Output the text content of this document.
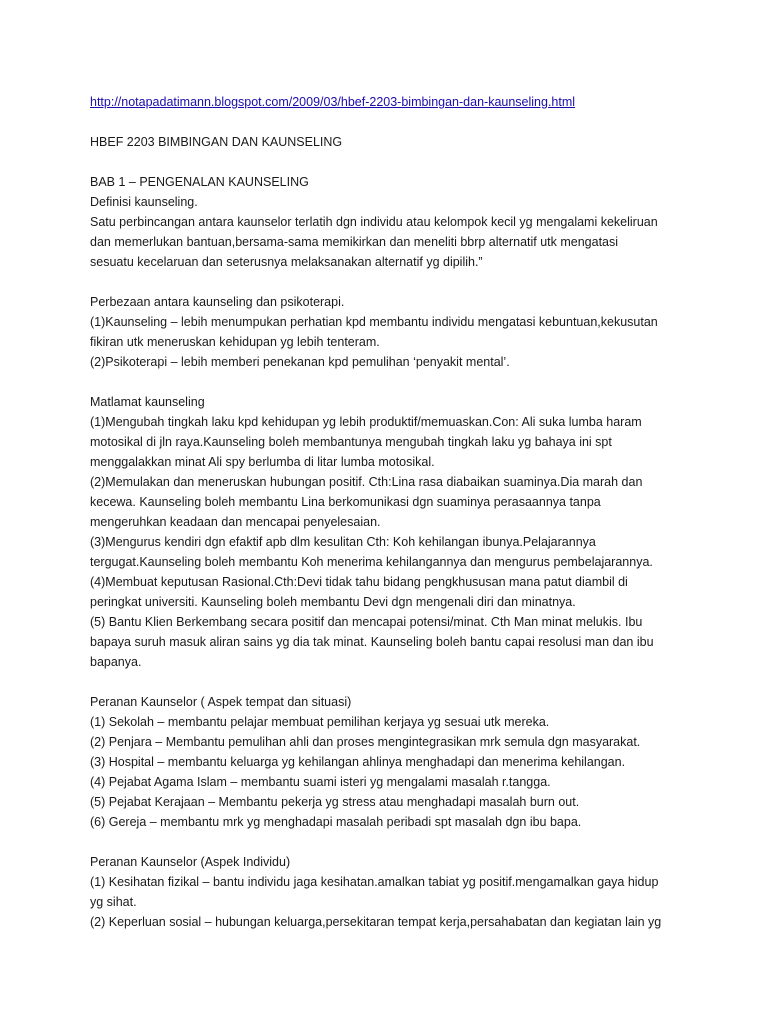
http://notapadatimann.blogspot.com/2009/03/hbef-2203-bimbingan-dan-kaunseling.html
HBEF 2203 BIMBINGAN DAN KAUNSELING
BAB 1 – PENGENALAN KAUNSELING
Definisi kaunseling.
Satu perbincangan antara kaunselor terlatih dgn individu atau kelompok kecil yg mengalami kekeliruan
dan memerlukan bantuan,bersama-sama memikirkan dan meneliti bbrp alternatif utk mengatasi
sesuatu kecelaruan dan seterusnya melaksanakan alternatif yg dipilih.”
Perbezaan antara kaunseling dan psikoterapi.
(1)Kaunseling – lebih menumpukan perhatian kpd membantu individu mengatasi kebuntuan,kekusutan
fikiran utk meneruskan kehidupan yg lebih tenteram.
(2)Psikoterapi – lebih memberi penekanan kpd pemulihan ‘penyakit mental’.
Matlamat kaunseling
(1)Mengubah tingkah laku kpd kehidupan yg lebih produktif/memuaskan.Con: Ali suka lumba haram
motosikal di jln raya.Kaunseling boleh membantunya mengubah tingkah laku yg bahaya ini spt
menggalakkan minat Ali spy berlumba di litar lumba motosikal.
(2)Memulakan dan meneruskan hubungan positif. Cth:Lina rasa diabaikan suaminya.Dia marah dan
kecewa. Kaunseling boleh membantu Lina berkomunikasi dgn suaminya perasaannya tanpa
mengeruhkan keadaan dan mencapai penyelesaian.
(3)Mengurus kendiri dgn efaktif apb dlm kesulitan Cth: Koh kehilangan ibunya.Pelajarannya
tergugat.Kaunseling boleh membantu Koh menerima kehilangannya dan mengurus pembelajarannya.
(4)Membuat keputusan Rasional.Cth:Devi tidak tahu bidang pengkhususan mana patut diambil di
peringkat universiti. Kaunseling boleh membantu Devi dgn mengenali diri dan minatnya.
(5) Bantu Klien Berkembang secara positif dan mencapai potensi/minat. Cth Man minat melukis. Ibu
bapaya suruh masuk aliran sains yg dia tak minat. Kaunseling boleh bantu capai resolusi man dan ibu
bapanya.
Peranan Kaunselor ( Aspek tempat dan situasi)
(1) Sekolah – membantu pelajar membuat pemilihan kerjaya yg sesuai utk mereka.
(2) Penjara – Membantu pemulihan ahli dan proses mengintegrasikan mrk semula dgn masyarakat.
(3) Hospital – membantu keluarga yg kehilangan ahlinya menghadapi dan menerima kehilangan.
(4) Pejabat Agama Islam – membantu suami isteri yg mengalami masalah r.tangga.
(5) Pejabat Kerajaan – Membantu pekerja yg stress atau menghadapi masalah burn out.
(6) Gereja – membantu mrk yg menghadapi masalah peribadi spt masalah dgn ibu bapa.
Peranan Kaunselor (Aspek Individu)
(1) Kesihatan fizikal – bantu individu jaga kesihatan.amalkan tabiat yg positif.mengamalkan gaya hidup
yg sihat.
(2) Keperluan sosial – hubungan keluarga,persekitaran tempat kerja,persahabatan dan kegiatan lain yg
